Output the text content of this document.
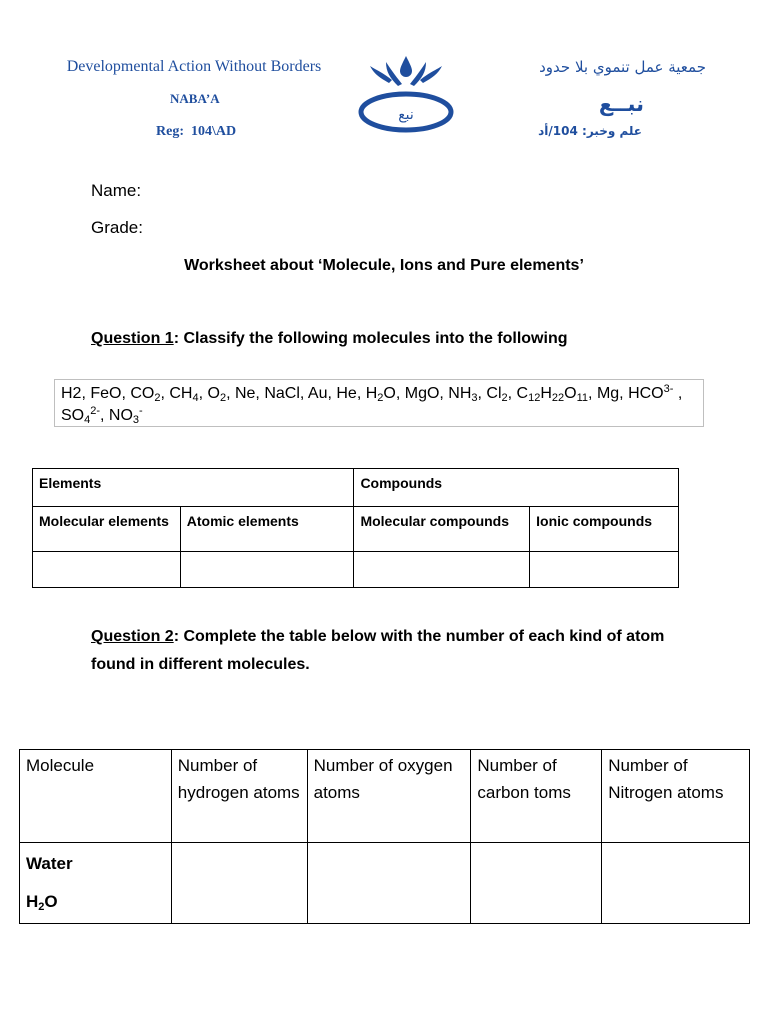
Developmental Action Without Borders
NABA’A
Reg:  104\AD
نبع
جمعية عمل تنموي بلا حدود
نبــع
علم وخبر: 104/أد
Name:
Grade:
Worksheet about ‘Molecule, Ions and Pure elements’
Question 1: Classify the following molecules into the following
H2, FeO, $CO_2$, $CH_4$, $O_2$, Ne, NaCl, Au, He, $H_2O$, MgO, $NH_3$, $Cl_2$, $C_{12}H_{22}O_{11}$, Mg, $HCO^{3-}$ , $SO_4^{2-}$, $NO_3^-$
Elements		Compounds	
Molecular elements	Atomic elements	Molecular compounds	Ionic compounds

Question 2: Complete the table below with the number of each kind of atom found in different molecules.
Molecule	Number of hydrogen atoms	Number of oxygen atoms	Number of carbon toms	Number of Nitrogen atoms

Water
$H_2O$				
